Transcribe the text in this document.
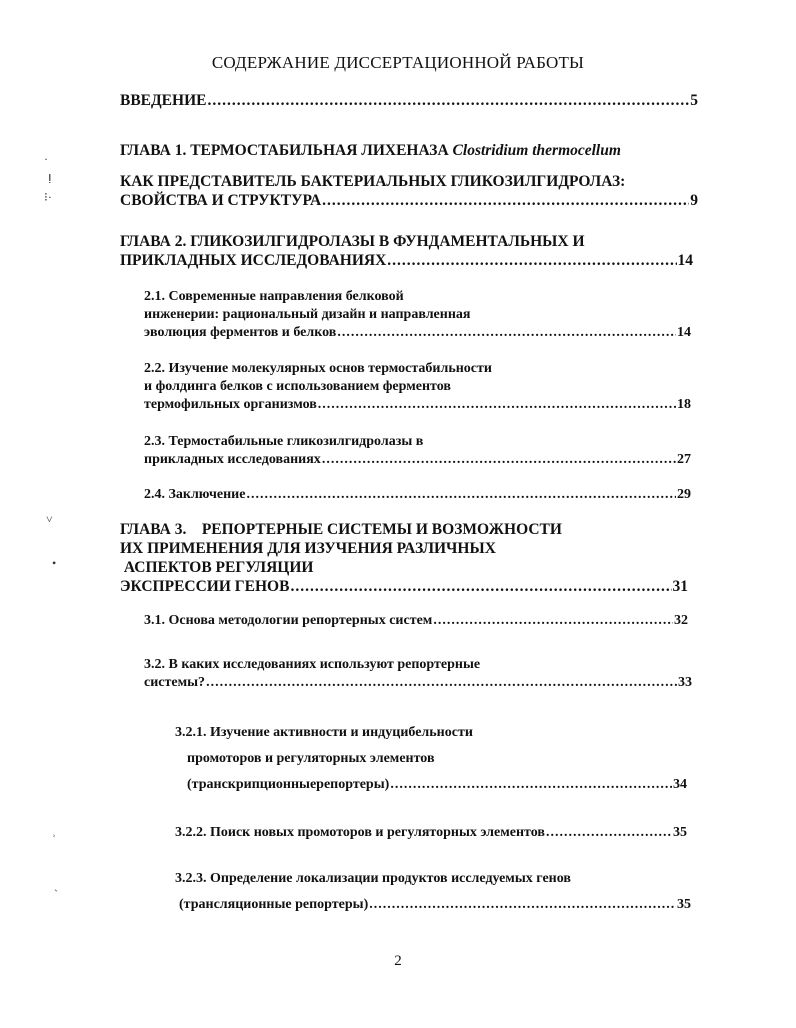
СОДЕРЖАНИЕ ДИССЕРТАЦИОННОЙ РАБОТЫ
ВВЕДЕНИЕ .....	5
ГЛАВА 1. ТЕРМОСТАБИЛЬНАЯ ЛИХЕНАЗА Clostridium thermocellum
КАК ПРЕДСТАВИТЕЛЬ БАКТЕРИАЛЬНЫХ ГЛИКОЗИЛГИДРОЛАЗ:
СВОЙСТВА И СТРУКТУРА .....	9
ГЛАВА 2. ГЛИКОЗИЛГИДРОЛАЗЫ В ФУНДАМЕНТАЛЬНЫХ И
ПРИКЛАДНЫХ ИССЛЕДОВАНИЯХ .....	14
2.1. Современные направления белковой
инженерии: рациональный дизайн и направленная
эволюция ферментов и белков .....	14
2.2. Изучение молекулярных основ термостабильности
и фолдинга белков с использованием ферментов
термофильных организмов .....	18
2.3. Термостабильные гликозилгидролазы в
прикладных исследованиях .....	27
2.4. Заключение .....	29
ГЛАВА 3.    РЕПОРТЕРНЫЕ СИСТЕМЫ И ВОЗМОЖНОСТИ
ИХ ПРИМЕНЕНИЯ ДЛЯ ИЗУЧЕНИЯ РАЗЛИЧНЫХ
АСПЕКТОВ РЕГУЛЯЦИИ
ЭКСПРЕССИИ ГЕНОВ .....	31
3.1. Основа методологии репортерных систем .....	32
3.2. В каких исследованиях используют репортерные
системы? .....	33
3.2.1. Изучение активности и индуцибельности
промоторов и регуляторных элементов
(транскрипционныерепортеры) .....	34
3.2.2. Поиск новых промоторов и регуляторных элементов .....	35
3.2.3. Определение локализации продуктов исследуемых генов
(трансляционные репортеры) .....	35
2
·
ⵑ
⁝·
˅
•
ʾ
ˎ
